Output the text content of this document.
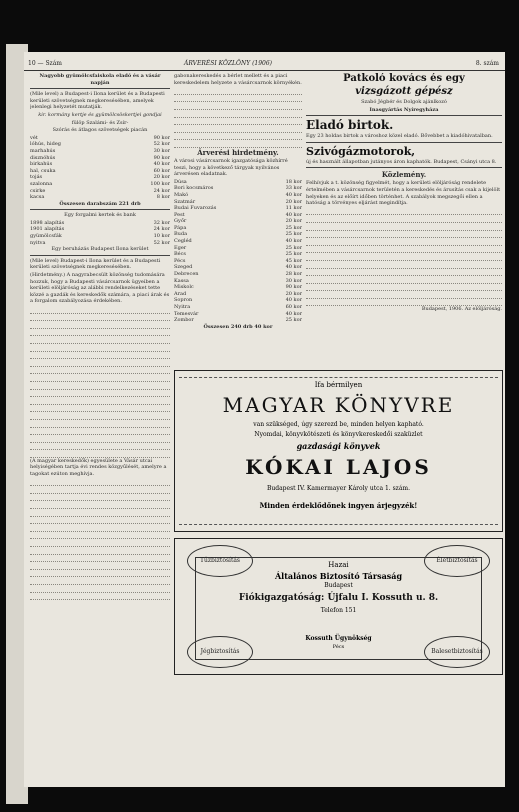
10 — Szám	ÁRVERÉSI KÖZLÖNY (1906)	8. szám

Nagyobb gyümölcsfaiskola eladó és a vásár napján

(Mile level) a Budapest-i Ilona kerület és a Budapesti kerületi szövetségnek megkeresésében, amelyek jelenlegi helyzetét mutatják.

kir. kormány kertje és gyümölcsöskertjei gondjai

fülöp Szalámi- és Zsír-

Szórás és átlagos szövetségek piacán

vét	90 kor
lóhús, hideg	52 kor
marhahús	30 kor
disznóhús	90 kor
birkahús	40 kor
hal, csuka	60 kor
tojás	20 kor
szalonna	100 kor
csirke	24 kor
kacsa	8 kor

Összesen darabszám 221 drb

Egy forgalmi kertek és bank

1898 alapítás	32 kor
1901 alapítás	24 kor
gyümölcsfák	10 kor
nyitva	52 kor

Egy beruházás Budapest Ilona kerület

(Mile level) Budapest-i Ilona kerület és a Budapesti kerületi szövetségnek megkeresésében.

(Hirdetmény.) A nagyrabecsült közönség tudomására hozzuk, hogy a Budapesti vásárcsarnok ügyeiben a kerületi elöljáróság az alábbi rendelkezéseket tette közzé a gazdák és kereskedők számára, a piaci árak és a forgalom szabályozása érdekében.

(A magyar kereskedők) egyesülete a Vásár utcai helyiségében tartja évi rendes közgyűlését, amelyre a tagokat ezúton meghívja.

gabonakereskedés a bérlet mellett és a piaci kereskedelem helyzete a vásárcsarnok környékén.

Árverési hirdetmény.

A városi vásárcsarnok igazgatósága közhírré teszi, hogy a következő tárgyak nyilvános árverésen eladatnak.

Dúsa	18 kor
Bori kocsmáros	33 kor
Makó	40 kor
Szatmár	20 kor
Budai Fuvarozás	11 kor
Pest	40 kor
Győr	20 kor
Pápa	25 kor
Buda	25 kor
Cegléd	40 kor
Eger	25 kor
Bécs	25 kor
Pécs	45 kor
Szeged	40 kor
Debrecen	28 kor
Kassa	30 kor
Miskolc	90 kor
Arad	20 kor
Sopron	40 kor
Nyitra	60 kor
Temesvár	40 kor
Zombor	25 kor

Összesen 240 drb 40 kor

Patkoló kovács és egy

vizsgázott gépész

Szabó Jégbér és Dolgok ajánlkozó

Inasgyártás Nyíregyháza

Eladó birtok.

Egy 23 holdas birtok a városhoz közel eladó. Bővebbet a kiadóhivatalban.

Szivógázmotorok,

új és használt állapotban jutányos áron kaphatók. Budapest, Csányi utca 8.

Közlemény.

Felhívjuk a t. közönség figyelmét, hogy a kerületi elöljáróság rendelete értelmében a vásárcsarnok területén a kereskedés és árusítás csak a kijelölt helyeken és az előírt időben történhet. A szabályok megszegői ellen a hatóság a törvényes eljárást megindítja.

Budapest, 1906. Az elöljáróság.

Ifa bérmilyen
MAGYAR KÖNYVRE
van szükséged, úgy szerezd be, minden helyen kapható.
Nyomdai, könyvkötészeti és könyvkereskedői szaküzlet
gazdasági könyvek
KÓKAI LAJOS
Budapest IV. Kamermayer Károly utca 1. szám.
Minden érdeklődőnek ingyen árjegyzék!
Tűzbiztosítás	Életbiztosítás
Jégbiztosítás	Balesetbiztosítás
Hazai
Általános Biztosító Társaság
Budapest
Fiókigazgatóság: Újfalu I. Kossuth u. 8.
Telefon 151
Kossuth Ügynökség
Pécs
